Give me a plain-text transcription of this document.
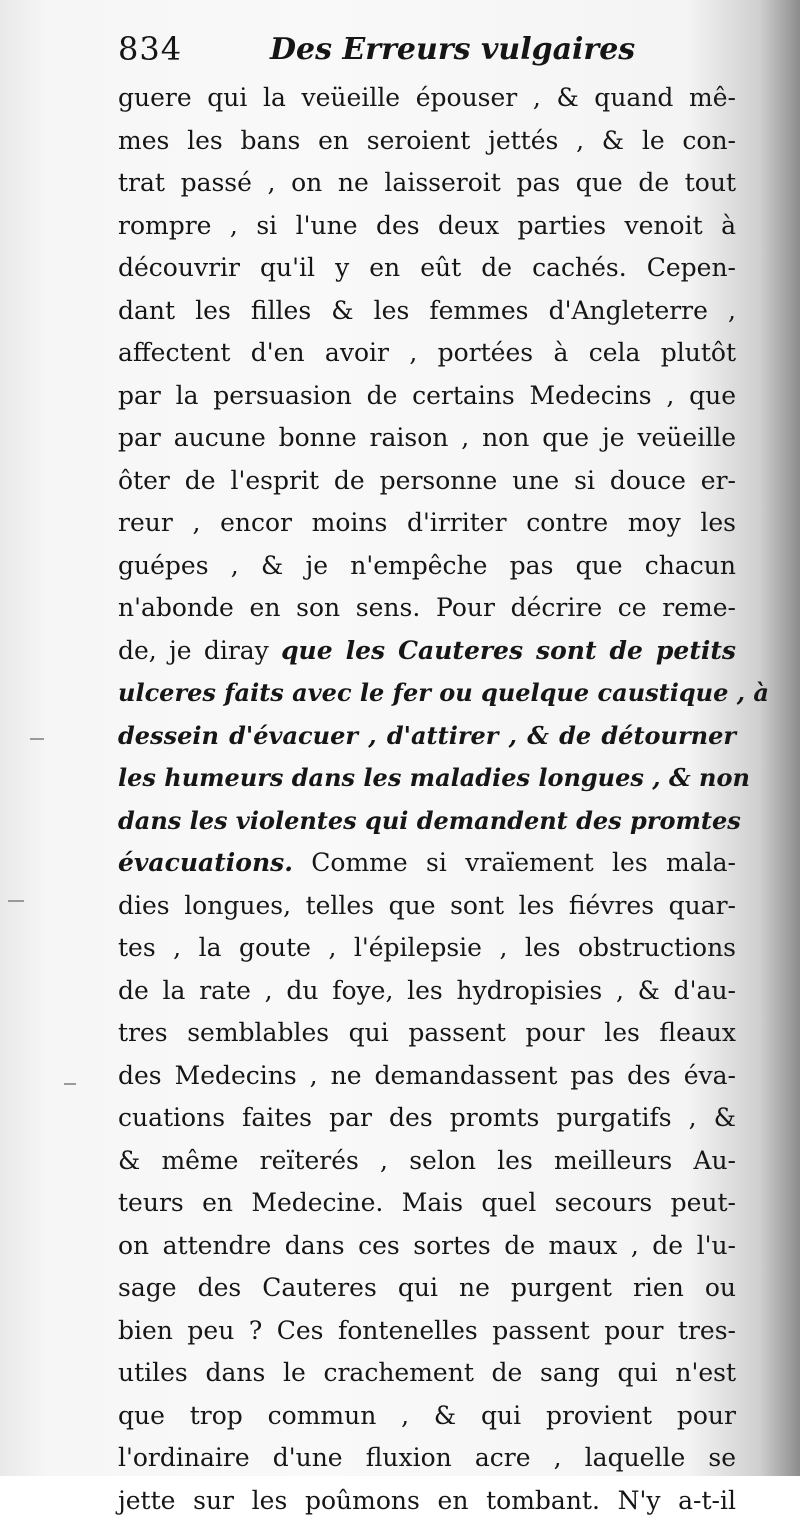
834	Des Erreurs vulgaires
guere qui la veüeille épouser , & quand mê-
mes les bans en seroient jettés , & le con-
trat passé , on ne laisseroit pas que de tout
rompre , si l'une des deux parties venoit à
découvrir qu'il y en eût de cachés. Cepen-
dant les filles & les femmes d'Angleterre ,
affectent d'en avoir , portées à cela plutôt
par la persuasion de certains Medecins , que
par aucune bonne raison , non que je veüeille
ôter de l'esprit de personne une si douce er-
reur , encor moins d'irriter contre moy les
guépes , & je n'empêche pas que chacun
n'abonde en son sens. Pour décrire ce reme-
de, je diray que les Cauteres sont de petits
ulceres faits avec le fer ou quelque caustique , à
dessein d'évacuer , d'attirer , & de détourner
les humeurs dans les maladies longues , & non
dans les violentes qui demandent des promtes
évacuations. Comme si vraïement les mala-
dies longues, telles que sont les fiévres quar-
tes , la goute , l'épilepsie , les obstructions
de la rate , du foye, les hydropisies , & d'au-
tres semblables qui passent pour les fleaux
des Medecins , ne demandassent pas des éva-
cuations faites par des promts purgatifs , &
& même reïterés , selon les meilleurs Au-
teurs en Medecine. Mais quel secours peut-
on attendre dans ces sortes de maux , de l'u-
sage des Cauteres qui ne purgent rien ou
bien peu ? Ces fontenelles passent pour tres-
utiles dans le crachement de sang qui n'est
que trop commun , & qui provient pour
l'ordinaire d'une fluxion acre , laquelle se
jette sur les poûmons en tombant. N'y a-t-il
